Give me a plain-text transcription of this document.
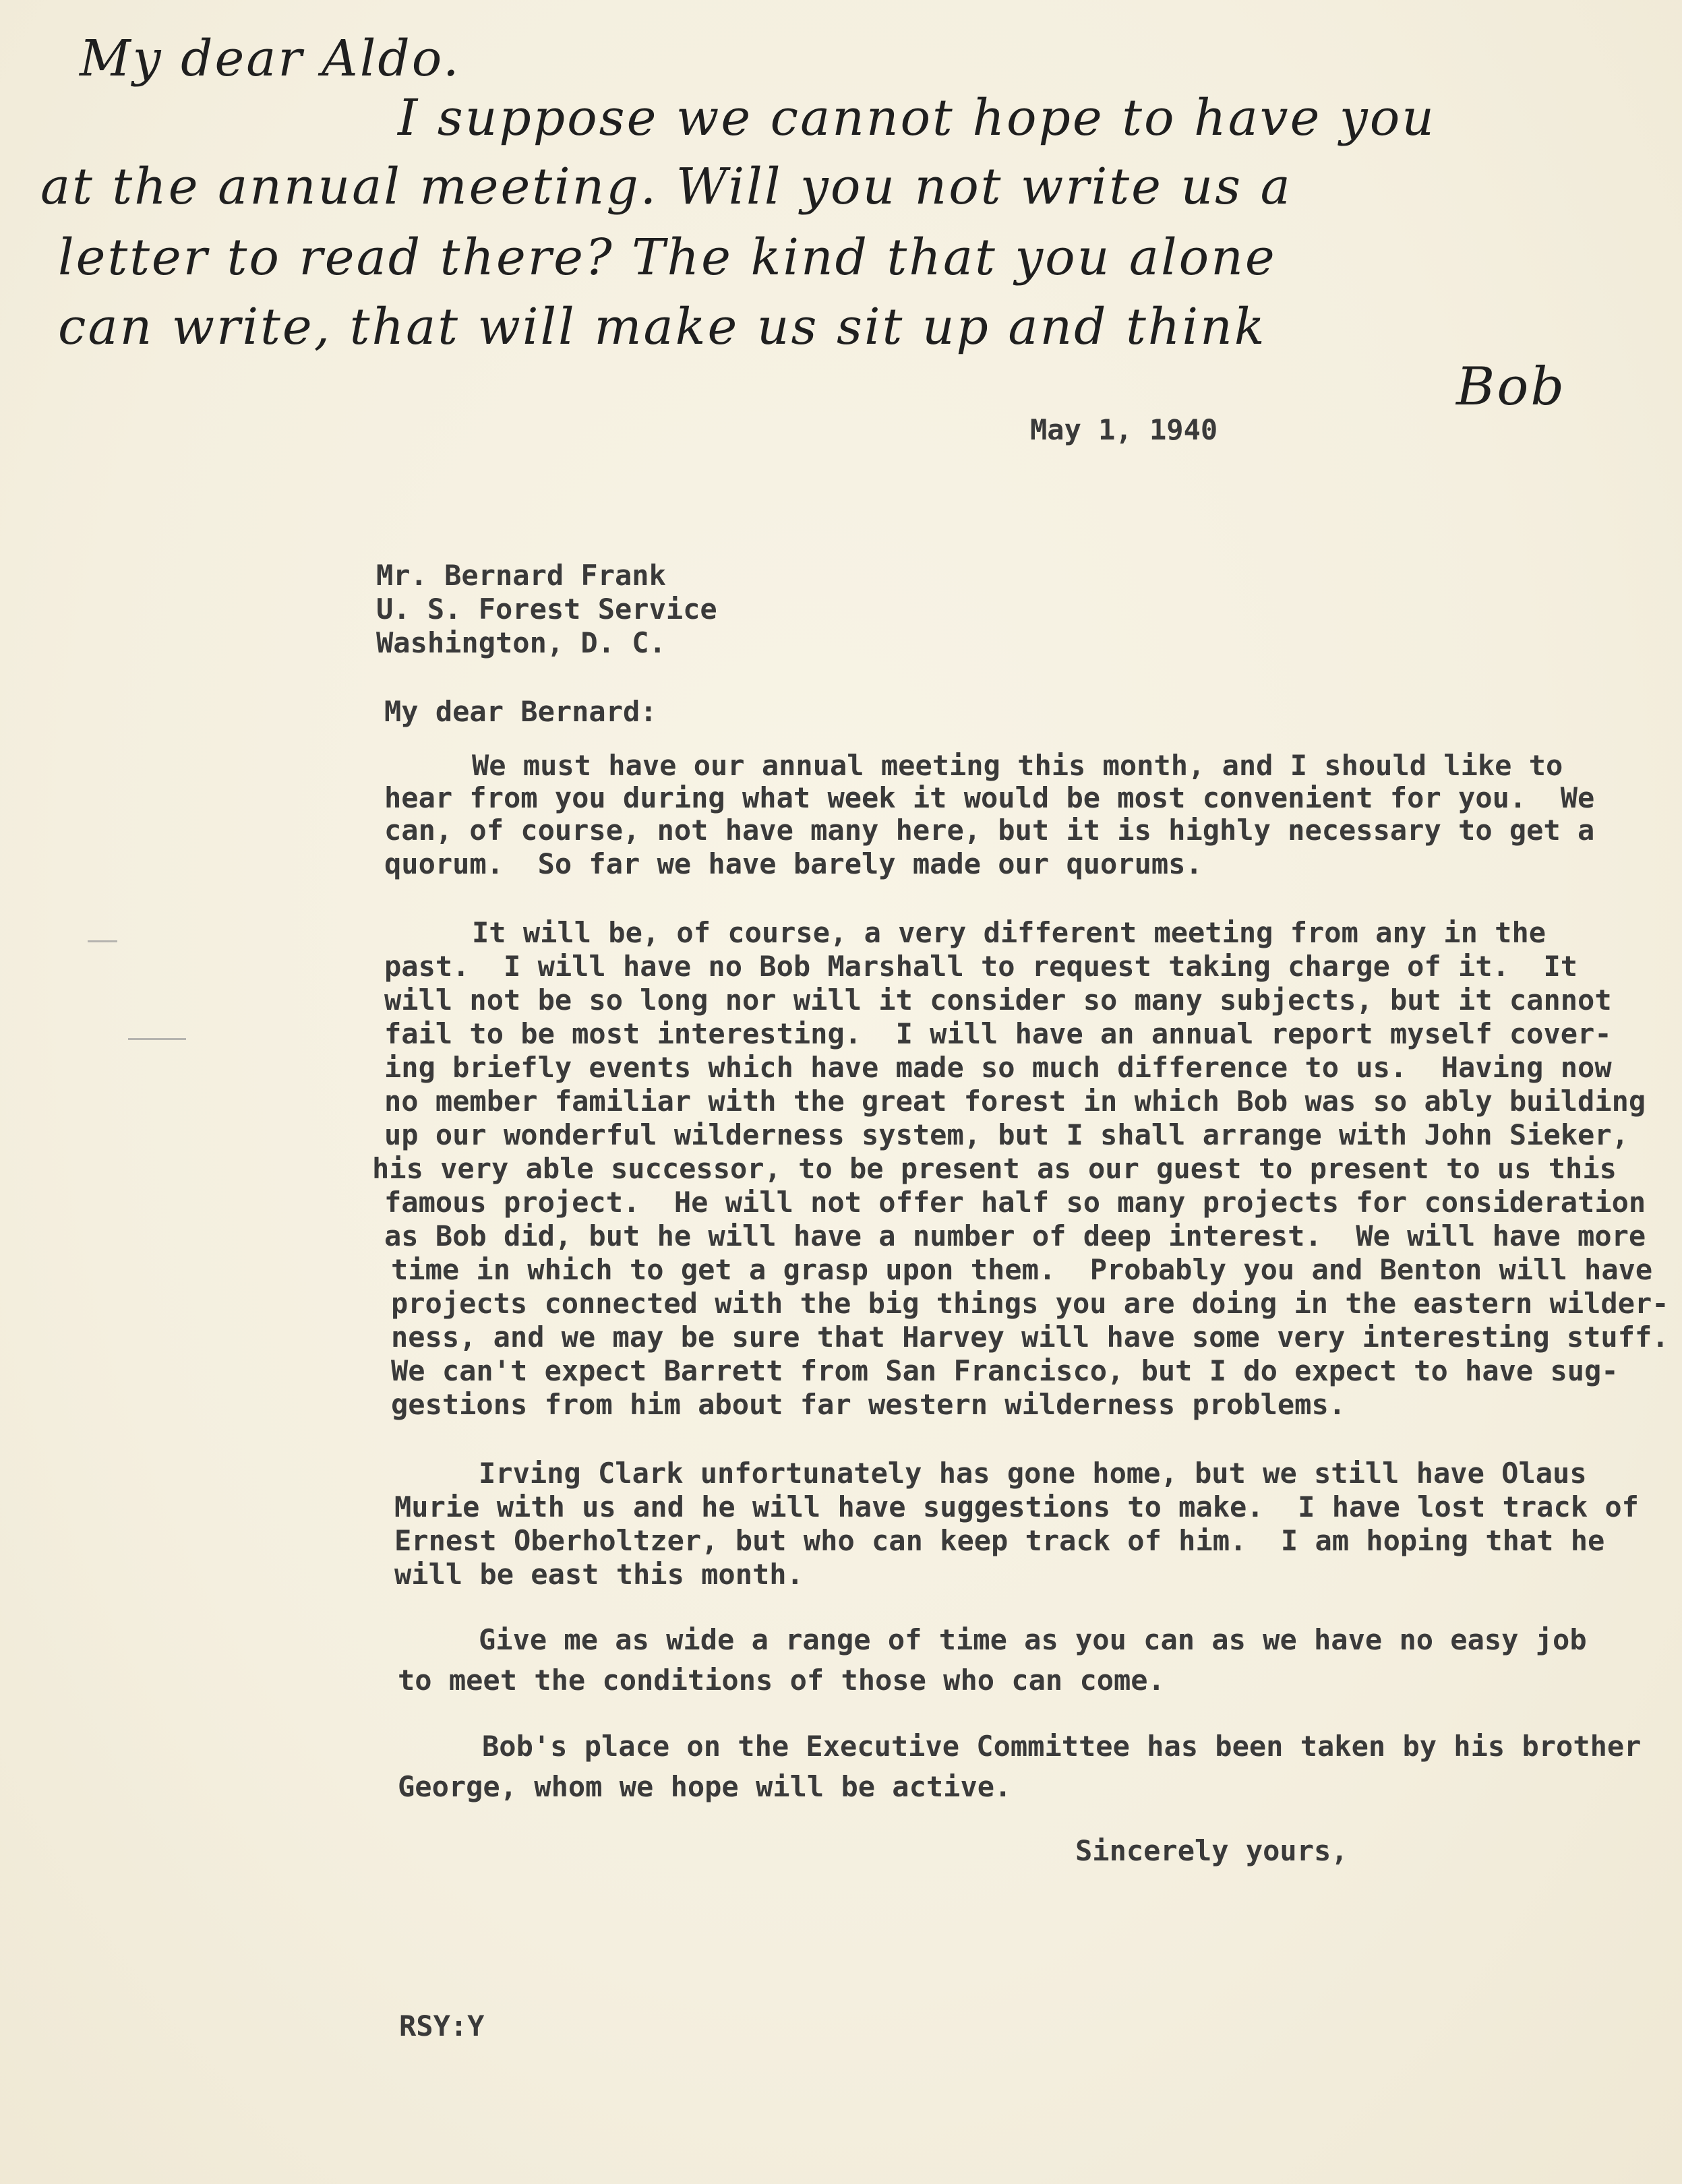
My dear Aldo.
I suppose we cannot hope to have you
at the annual meeting. Will you not write us a
letter to read there? The kind that you alone
can write, that will make us sit up and think
Bob
May 1, 1940
Mr. Bernard Frank
U. S. Forest Service
Washington, D. C.
My dear Bernard:
We must have our annual meeting this month, and I should like to
hear from you during what week it would be most convenient for you.  We
can, of course, not have many here, but it is highly necessary to get a
quorum.  So far we have barely made our quorums.
It will be, of course, a very different meeting from any in the
past.  I will have no Bob Marshall to request taking charge of it.  It
will not be so long nor will it consider so many subjects, but it cannot
fail to be most interesting.  I will have an annual report myself cover-
ing briefly events which have made so much difference to us.  Having now
no member familiar with the great forest in which Bob was so ably building
up our wonderful wilderness system, but I shall arrange with John Sieker,
his very able successor, to be present as our guest to present to us this
famous project.  He will not offer half so many projects for consideration
as Bob did, but he will have a number of deep interest.  We will have more
time in which to get a grasp upon them.  Probably you and Benton will have
projects connected with the big things you are doing in the eastern wilder-
ness, and we may be sure that Harvey will have some very interesting stuff.
We can't expect Barrett from San Francisco, but I do expect to have sug-
gestions from him about far western wilderness problems.
Irving Clark unfortunately has gone home, but we still have Olaus
Murie with us and he will have suggestions to make.  I have lost track of
Ernest Oberholtzer, but who can keep track of him.  I am hoping that he
will be east this month.
Give me as wide a range of time as you can as we have no easy job
to meet the conditions of those who can come.
Bob's place on the Executive Committee has been taken by his brother
George, whom we hope will be active.
Sincerely yours,
RSY:Y
